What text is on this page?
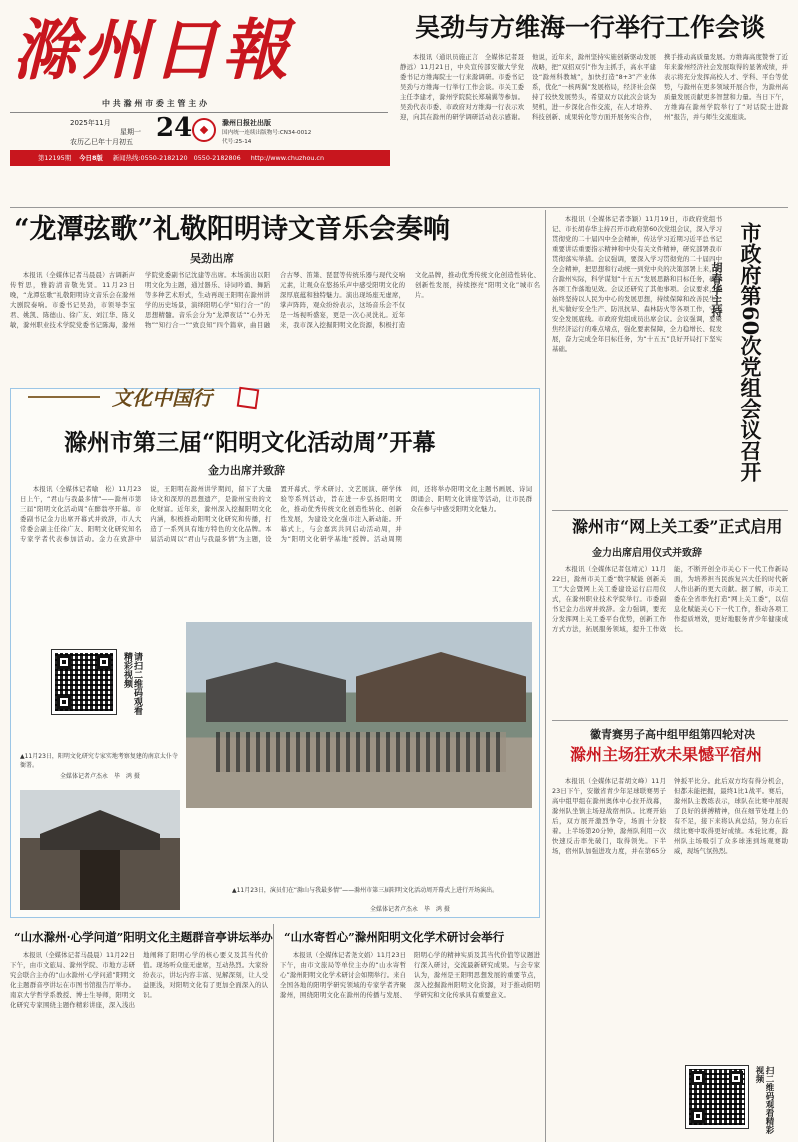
滁州日報
中 共 滁 州 市 委 主 管 主 办
2025年11月 24
星期一
农历乙巳年十月初五
滁州日报社出版
国内统一连续出版物号:CN34-0012
代号:25-14
第12195期 今日8版 新闻热线:0550-2182120 0550-2182806 http://www.chuzhou.cn
吴劲与方维海一行举行工作会谈

本报讯（通讯员施正言　全媒体记者聂静远）11月21日，中央宣传部安徽大学党委书记方维海院士一行来滁调研。市委书记吴劲与方维海一行举行工作会谈。市关工委主任李建才，滁州学院院长郑瑞翼等参加。吴劲代表市委、市政府对方维海一行表示欢迎，向其在滁州的研学调研活动表示感谢。他说，近年来，滁州坚持实施创新驱动发展战略，把“双招双引”作为主抓手，高水平建设“滁州科教城”，加快打造“8+3”产业体系，优化“一核两翼”发展格局，经济社会保持了较快发展势头，希望双方以此次会谈为契机，进一步深化合作交流，在人才培养、科技创新、成果转化等方面开展务实合作，携手推动高质量发展。方维海高度赞誉了近年来滁州经济社会发展取得的显著成绩，并表示将充分发挥高校人才、学科、平台等优势，与滁州在更多领域开展合作，为滁州高质量发展贡献更多智慧和力量。当日下午，方维海在滁州学院举行了“对话院士进滁州”报告，并与师生交流座谈。

“龙潭弦歌”礼敬阳明诗文音乐会奏响
吴劲出席

本报讯（全媒体记者马晨晨）古调新声传哲思，雅韵清音敬先贤。11月23日晚，“龙潭弦歌”礼敬阳明诗文音乐会在滁州大剧院奏响。市委书记吴劲，市领导李宝君、姚凯、陈德山、徐广友、刘江华、陈义敏，滁州职业技术学院党委书记陈海，滁州学院党委副书记沈建等出席。本场演出以阳明文化为主题，通过器乐、诗词吟诵、舞蹈等多种艺术形式，生动再现王阳明在滁州讲学的历史场景，演绎阳明心学“知行合一”的思想精髓。音乐会分为“龙潭夜话”“心外无物”“知行合一”“致良知”四个篇章，曲目融合古琴、笛箫、琵琶等传统乐器与现代交响元素，让观众在悠扬乐声中感受阳明文化的深厚底蕴和独特魅力。演出现场座无虚席，掌声阵阵，观众纷纷表示，这场音乐会不仅是一场视听盛宴，更是一次心灵洗礼。近年来，我市深入挖掘阳明文化资源，积极打造文化品牌，推动优秀传统文化创造性转化、创新性发展，持续擦亮“阳明文化”城市名片。

本报讯（全媒体记者李颖）11月19日，市政府党组书记、市长胡春华主持召开市政府第60次党组会议，深入学习贯彻党的二十届四中全会精神，传达学习近期习近平总书记重要讲话重要指示精神和中央有关文件精神，研究部署我市贯彻落实举措。会议强调，要深入学习贯彻党的二十届四中全会精神，把思想和行动统一到党中央的决策部署上来，结合滁州实际，科学谋划“十五五”发展思路和目标任务，确保各项工作落地见效。会议还研究了其他事项。会议要求，要始终坚持以人民为中心的发展思想，持续保障和改善民生，扎实做好安全生产、防汛抗旱、森林防火等各项工作，守牢安全发展底线。市政府党组成员出席会议。会议强调，要聚焦经济运行的难点堵点，强化要素保障，全力稳增长、促发展，奋力完成全年目标任务，为“十五五”良好开局打下坚实基础。	市政府第60次党组会议召开
胡春华主持
文化中国行
滁州市第三届“阳明文化活动周”开幕
金力出席并致辞

本报讯（全媒体记者喻　松）11月23日上午，“君山与我最多情”——滁州市第三届“阳明文化活动周”在醉翁亭开幕。市委副书记金力出席开幕式并致辞，市人大常委会副主任徐广友、阳明文化研究知名专家学者代表参加活动。金力在致辞中说，王阳明在滁州讲学期间，留下了大量诗文和深厚的思想遗产，是滁州宝贵的文化财富。近年来，滁州深入挖掘阳明文化内涵，积极推动阳明文化研究和传播，打造了一系列具有地方特色的文化品牌。本届活动周以“君山与我最多情”为主题，设置开幕式、学术研讨、文艺展演、研学体验等系列活动，旨在进一步弘扬阳明文化，推动优秀传统文化创造性转化、创新性发展，为建设文化强市注入新动能。开幕式上，与会嘉宾共同启动活动周，并为“阳明文化研学基地”授牌。活动周期间，还将举办阳明文化主题书画展、诗词朗诵会、阳明文化讲座等活动，让市民群众在参与中感受阳明文化魅力。

请扫二维码观看精彩视频
▲11月23日，阳明文化研究专家实地考察复建的南京太仆寺衙署。
全媒体记者卢杰永　毕　鸿 摄
▲11月23日，演员们在“滁山与我最多情”——滁州市第三届阳明文化活动周开幕式上进行开场演出。
全媒体记者卢杰永　毕　鸿 摄
“山水滁州·心学问道”阳明文化主题群音亭讲坛举办

本报讯（全媒体记者马晨晨）11月22日下午，由市文旅局、滁州学院、市地方志研究会联合主办的“山水滁州·心学问道”阳明文化主题群音亭讲坛在市图书馆报告厅举办。南京大学哲学系教授、博士生导师，阳明文化研究专家围绕主题作精彩讲座，深入浅出地阐释了阳明心学的核心要义及其当代价值。现场听众座无虚席，互动热烈。大家纷纷表示，讲坛内容丰富、见解深刻，让人受益匪浅，对阳明文化有了更加全面深入的认识。

“山水寄哲心”滁州阳明文化学术研讨会举行

本报讯（全媒体记者尧文娟）11月23日下午，由市文旅局等单位主办的“山水寄哲心”滁州阳明文化学术研讨会如期举行。来自全国各地的阳明学研究领域的专家学者齐聚滁州，围绕阳明文化在滁州的传播与发展、阳明心学的精神实质及其当代价值等议题进行深入研讨，交流最新研究成果。与会专家认为，滁州是王阳明思想发展的重要节点，深入挖掘滁州阳明文化资源，对于推动阳明学研究和文化传承具有重要意义。

滁州市“网上关工委”正式启用
金力出席启用仪式并致辞

本报讯（全媒体记者包靖元）11月22日，滁州市关工委“数字赋能 创新关工”大会暨网上关工委建设运行启用仪式，在滁州职业技术学院举行。市委副书记金力出席并致辞。金力强调，要充分发挥网上关工委平台优势，创新工作方式方法，拓展服务领域，提升工作效能，不断开创全市关心下一代工作新局面，为培养担当民族复兴大任的时代新人作出新的更大贡献。据了解，市关工委在全省率先打造“网上关工委”，以信息化赋能关心下一代工作，推动各项工作提质增效，更好地服务青少年健康成长。

徽青赛男子高中组甲组第四轮对决
滁州主场狂欢未果憾平宿州

本报讯（全媒体记者胡文峰）11月23日下午，安徽省青少年足球联赛男子高中组甲组在滁州奥体中心拉开战幕，滁州队坐镇主场迎战宿州队。比赛开始后，双方展开激烈争夺，场面十分胶着。上半场第20分钟，滁州队利用一次快速反击率先破门，取得领先。下半场，宿州队加强进攻力度，并在第65分钟扳平比分。此后双方均有得分机会，但都未能把握，最终1比1战平。赛后，滁州队主教练表示，球队在比赛中展现了良好的拼搏精神，但在细节处理上仍有不足，接下来将认真总结，努力在后续比赛中取得更好成绩。本轮比赛，滁州队主场吸引了众多球迷到场观赛助威，现场气氛热烈。

扫二维码观看精彩视频
